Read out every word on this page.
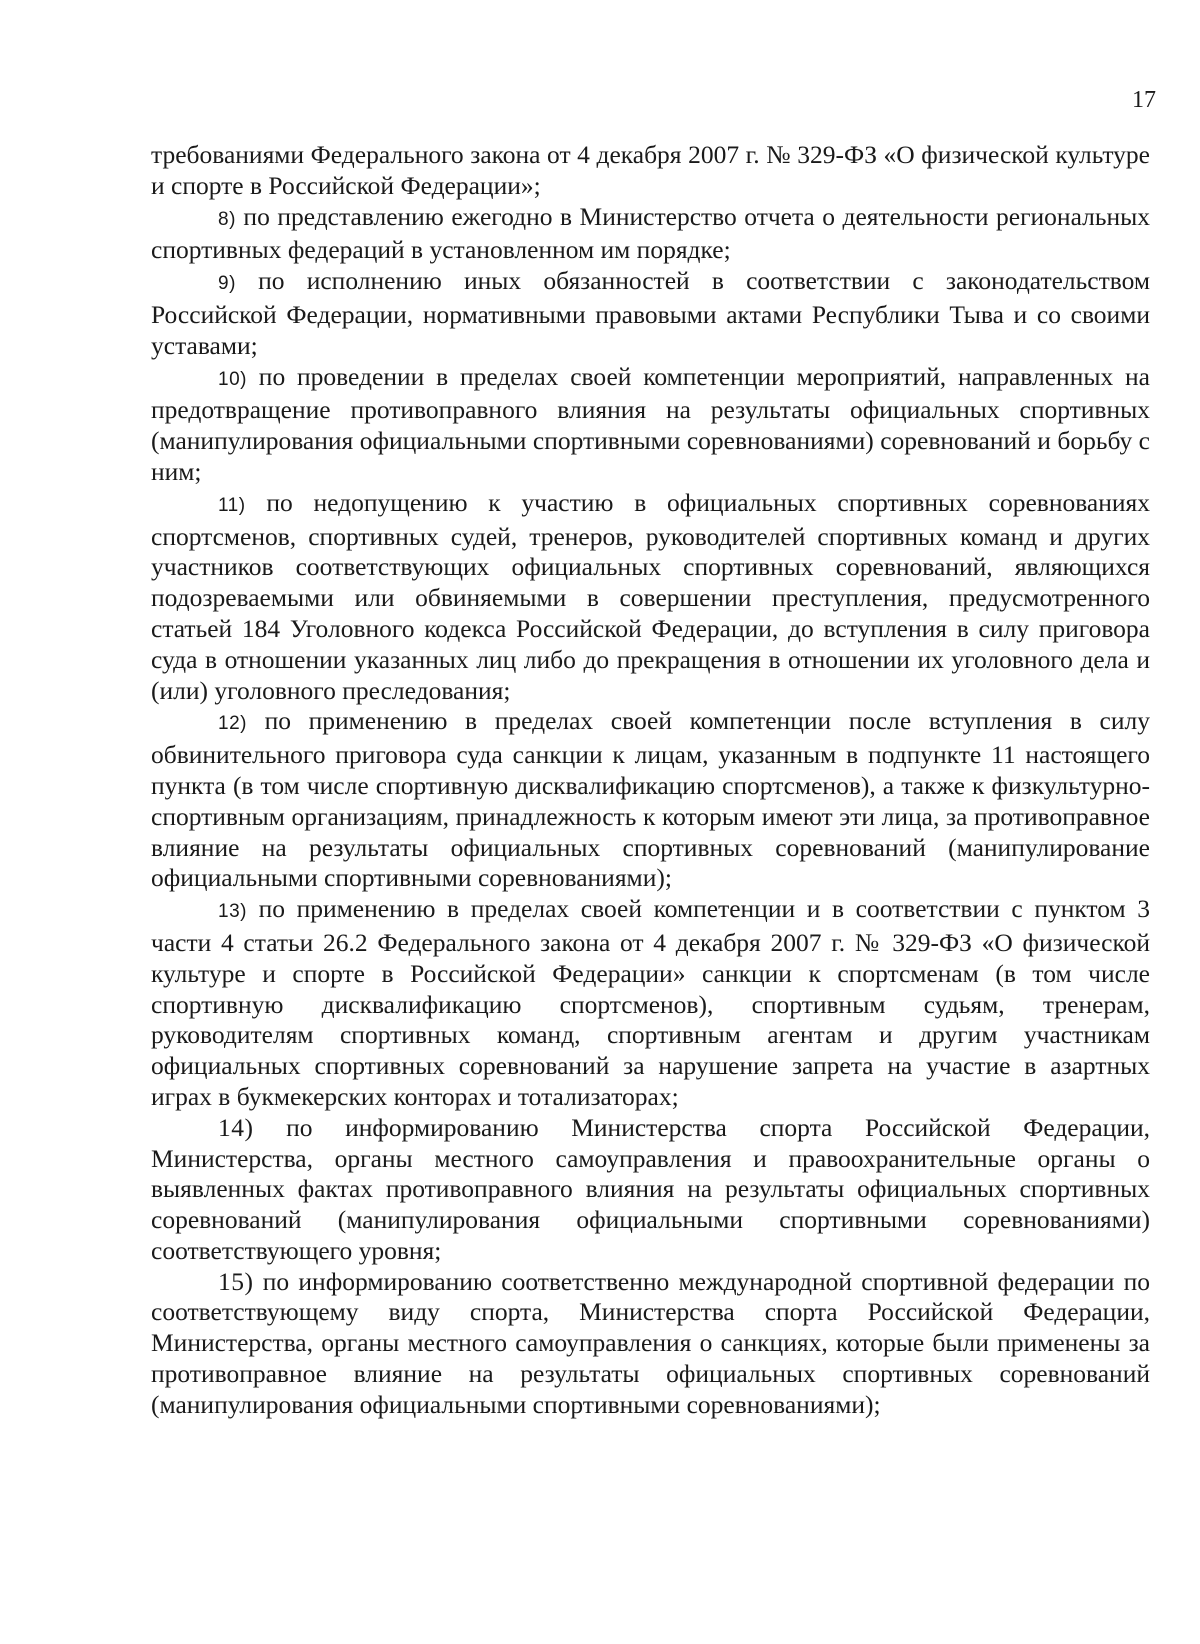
17

требованиями Федерального закона от 4 декабря 2007 г. № 329-ФЗ «О физической культуре и спорте в Российской Федерации»;

8) по представлению ежегодно в Министерство отчета о деятельности региональных спортивных федераций в установленном им порядке;

9) по исполнению иных обязанностей в соответствии с законодательством Российской Федерации, нормативными правовыми актами Республики Тыва и со своими уставами;

10) по проведении в пределах своей компетенции мероприятий, направленных на предотвращение противоправного влияния на результаты официальных спортивных (манипулирования официальными спортивными соревнованиями) соревнований и борьбу с ним;

11) по недопущению к участию в официальных спортивных соревнованиях спортсменов, спортивных судей, тренеров, руководителей спортивных команд и других участников соответствующих официальных спортивных соревнований, являющихся подозреваемыми или обвиняемыми в совершении преступления, предусмотренного статьей 184 Уголовного кодекса Российской Федерации, до вступления в силу приговора суда в отношении указанных лиц либо до прекращения в отношении их уголовного дела и (или) уголовного преследования;

12) по применению в пределах своей компетенции после вступления в силу обвинительного приговора суда санкции к лицам, указанным в подпункте 11 настоящего пункта (в том числе спортивную дисквалификацию спортсменов), а также к физкультурно-спортивным организациям, принадлежность к которым имеют эти лица, за противоправное влияние на результаты официальных спортивных соревнований (манипулирование официальными спортивными соревнованиями);

13) по применению в пределах своей компетенции и в соответствии с пунктом 3 части 4 статьи 26.2 Федерального закона от 4 декабря 2007 г. № 329-ФЗ «О физической культуре и спорте в Российской Федерации» санкции к спортсменам (в том числе спортивную дисквалификацию спортсменов), спортивным судьям, тренерам, руководителям спортивных команд, спортивным агентам и другим участникам официальных спортивных соревнований за нарушение запрета на участие в азартных играх в букмекерских конторах и тотализаторах;

14) по информированию Министерства спорта Российской Федерации, Министерства, органы местного самоуправления и правоохранительные органы о выявленных фактах противоправного влияния на результаты официальных спортивных соревнований (манипулирования официальными спортивными соревнованиями) соответствующего уровня;

15) по информированию соответственно международной спортивной федерации по соответствующему виду спорта, Министерства спорта Российской Федерации, Министерства, органы местного самоуправления о санкциях, которые были применены за противоправное влияние на результаты официальных спортивных соревнований (манипулирования официальными спортивными соревнованиями);
